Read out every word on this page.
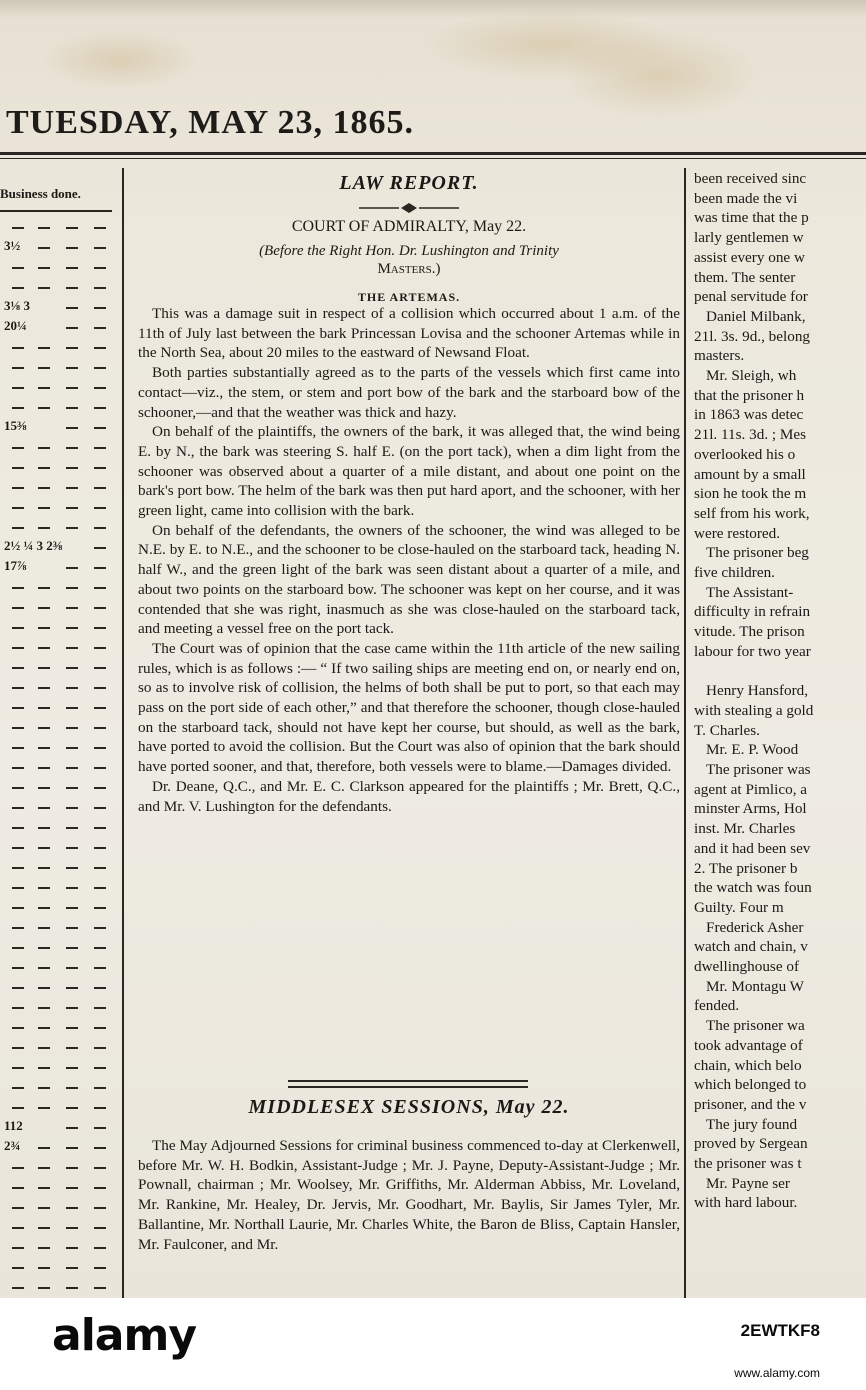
TUESDAY, MAY 23, 1865.
Business done.
3½
3⅛ 3
20¼
15⅜
2½ ¼ 3 2⅜
17⅞
112
2¾
LAW REPORT.
COURT OF ADMIRALTY, May 22.
(Before the Right Hon. Dr. Lushington and Trinity
Masters.)
THE ARTEMAS.

This was a damage suit in respect of a collision which occurred about 1 a.m. of the 11th of July last between the bark Princessan Lovisa and the schooner Artemas while in the North Sea, about 20 miles to the eastward of Newsand Float.

Both parties substantially agreed as to the parts of the vessels which first came into contact—viz., the stem, or stem and port bow of the bark and the starboard bow of the schooner,—and that the weather was thick and hazy.

On behalf of the plaintiffs, the owners of the bark, it was alleged that, the wind being E. by N., the bark was steering S. half E. (on the port tack), when a dim light from the schooner was observed about a quarter of a mile distant, and about one point on the bark's port bow. The helm of the bark was then put hard aport, and the schooner, with her green light, came into collision with the bark.

On behalf of the defendants, the owners of the schooner, the wind was alleged to be N.E. by E. to N.E., and the schooner to be close-hauled on the starboard tack, heading N. half W., and the green light of the bark was seen distant about a quarter of a mile, and about two points on the starboard bow. The schooner was kept on her course, and it was contended that she was right, inasmuch as she was close-hauled on the starboard tack, and meeting a vessel free on the port tack.

The Court was of opinion that the case came within the 11th article of the new sailing rules, which is as follows :— “ If two sailing ships are meeting end on, or nearly end on, so as to involve risk of collision, the helms of both shall be put to port, so that each may pass on the port side of each other,” and that therefore the schooner, though close-hauled on the starboard tack, should not have kept her course, but should, as well as the bark, have ported to avoid the collision. But the Court was also of opinion that the bark should have ported sooner, and that, therefore, both vessels were to blame.—Damages divided.

Dr. Deane, Q.C., and Mr. E. C. Clarkson appeared for the plaintiffs ; Mr. Brett, Q.C., and Mr. V. Lushington for the defendants.

MIDDLESEX SESSIONS, May 22.

The May Adjourned Sessions for criminal business commenced to-day at Clerkenwell, before Mr. W. H. Bodkin, Assistant-Judge ; Mr. J. Payne, Deputy-Assistant-Judge ; Mr. Pownall, chairman ; Mr. Woolsey, Mr. Griffiths, Mr. Alderman Abbiss, Mr. Loveland, Mr. Rankine, Mr. Healey, Dr. Jervis, Mr. Goodhart, Mr. Baylis, Sir James Tyler, Mr. Ballantine, Mr. Northall Laurie, Mr. Charles White, the Baron de Bliss, Captain Hansler, Mr. Faulconer, and Mr.

been received sinc
been made the vi
was time that the p
larly gentlemen w
assist every one w
them. The senter
penal servitude for
Daniel Milbank,
21l. 3s. 9d., belong
masters.
Mr. Sleigh, wh
that the prisoner h
in 1863 was detec
21l. 11s. 3d. ; Mes
overlooked his o
amount by a small
sion he took the m
self from his work,
were restored.
The prisoner beg
five children.
The Assistant-
difficulty in refrain
vitude. The prison
labour for two year
Henry Hansford,
with stealing a gold
T. Charles.
Mr. E. P. Wood
The prisoner was
agent at Pimlico, a
minster Arms, Hol
inst. Mr. Charles
and it had been sev
2. The prisoner b
the watch was foun
Guilty. Four m
Frederick Asher
watch and chain, v
dwellinghouse of
Mr. Montagu W
fended.
The prisoner wa
took advantage of
chain, which belo
which belonged to
prisoner, and the v
The jury found
proved by Sergean
the prisoner was t
Mr. Payne ser
with hard labour.
alamy	2EWTKF8
www.alamy.com
